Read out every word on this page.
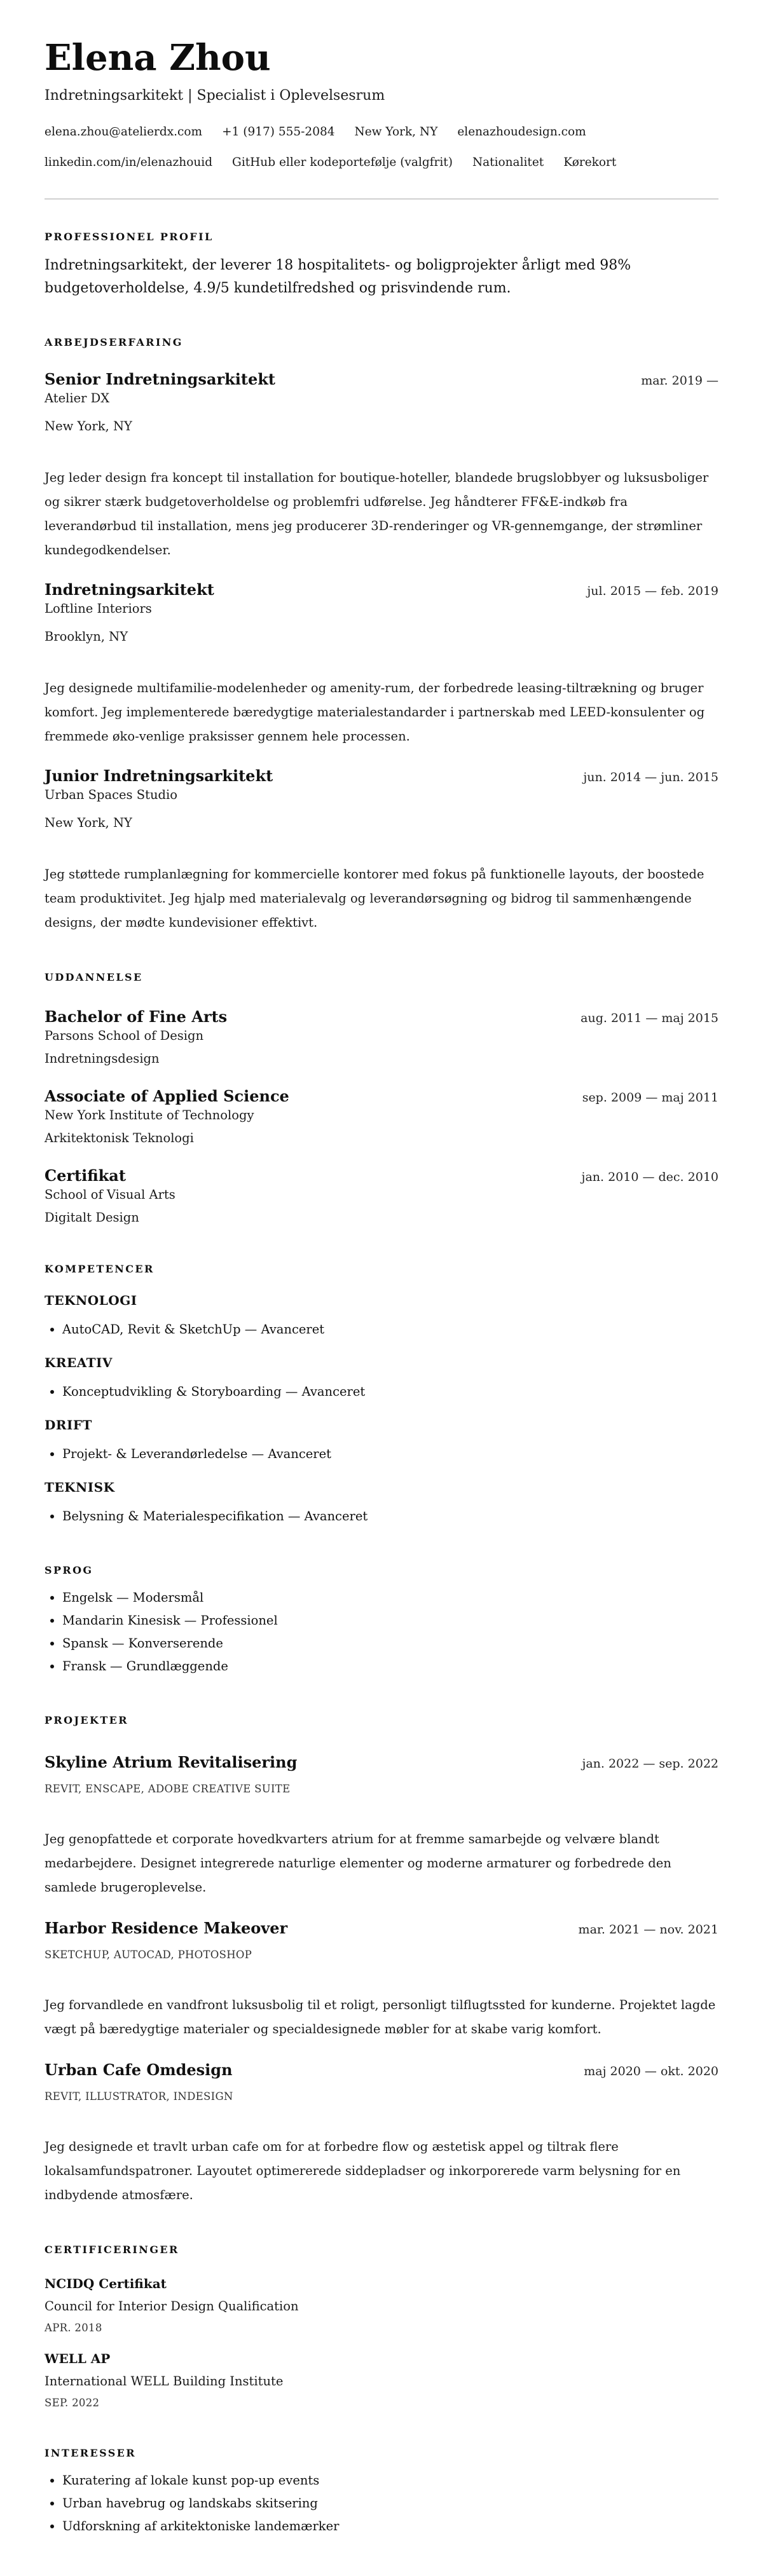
Elena Zhou
Indretningsarkitekt | Specialist i Oplevelsesrum
elena.zhou@atelierdx.com +1 (917) 555-2084 New York, NY elenazhoudesign.com
linkedin.com/in/elenazhouid GitHub eller kodeportefølje (valgfrit) Nationalitet Kørekort
PROFESSIONEL PROFIL
Indretningsarkitekt, der leverer 18 hospitalitets- og boligprojekter årligt med 98% budgetoverholdelse, 4.9/5 kundetilfredshed og prisvindende rum.
ARBEJDSERFARING
Senior Indretningsarkitekt	mar. 2019 —
Atelier DX
New York, NY
Jeg leder design fra koncept til installation for boutique-hoteller, blandede brugslobbyer og luksusboliger og sikrer stærk budgetoverholdelse og problemfri udførelse. Jeg håndterer FF&E-indkøb fra leverandørbud til installation, mens jeg producerer 3D-renderinger og VR-gennemgange, der strømliner kundegodkendelser.
Indretningsarkitekt	jul. 2015 — feb. 2019
Loftline Interiors
Brooklyn, NY
Jeg designede multifamilie-modelenheder og amenity-rum, der forbedrede leasing-tiltrækning og bruger komfort. Jeg implementerede bæredygtige materialestandarder i partnerskab med LEED-konsulenter og fremmede øko-venlige praksisser gennem hele processen.
Junior Indretningsarkitekt	jun. 2014 — jun. 2015
Urban Spaces Studio
New York, NY
Jeg støttede rumplanlægning for kommercielle kontorer med fokus på funktionelle layouts, der boostede team produktivitet. Jeg hjalp med materialevalg og leverandørsøgning og bidrog til sammenhængende designs, der mødte kundevisioner effektivt.
UDDANNELSE
Bachelor of Fine Arts	aug. 2011 — maj 2015
Parsons School of Design
Indretningsdesign
Associate of Applied Science	sep. 2009 — maj 2011
New York Institute of Technology
Arkitektonisk Teknologi
Certifikat	jan. 2010 — dec. 2010
School of Visual Arts
Digitalt Design
KOMPETENCER
TEKNOLOGI
• AutoCAD, Revit & SketchUp — Avanceret
KREATIV
• Konceptudvikling & Storyboarding — Avanceret
DRIFT
• Projekt- & Leverandørledelse — Avanceret
TEKNISK
• Belysning & Materialespecifikation — Avanceret
SPROG
• Engelsk — Modersmål
• Mandarin Kinesisk — Professionel
• Spansk — Konverserende
• Fransk — Grundlæggende
PROJEKTER
Skyline Atrium Revitalisering	jan. 2022 — sep. 2022
REVIT, ENSCAPE, ADOBE CREATIVE SUITE
Jeg genopfattede et corporate hovedkvarters atrium for at fremme samarbejde og velvære blandt medarbejdere. Designet integrerede naturlige elementer og moderne armaturer og forbedrede den samlede brugeroplevelse.
Harbor Residence Makeover	mar. 2021 — nov. 2021
SKETCHUP, AUTOCAD, PHOTOSHOP
Jeg forvandlede en vandfront luksusbolig til et roligt, personligt tilflugtssted for kunderne. Projektet lagde vægt på bæredygtige materialer og specialdesignede møbler for at skabe varig komfort.
Urban Cafe Omdesign	maj 2020 — okt. 2020
REVIT, ILLUSTRATOR, INDESIGN
Jeg designede et travlt urban cafe om for at forbedre flow og æstetisk appel og tiltrak flere lokalsamfundspatroner. Layoutet optimererede siddepladser og inkorporerede varm belysning for en indbydende atmosfære.
CERTIFICERINGER
NCIDQ Certifikat
Council for Interior Design Qualification
APR. 2018
WELL AP
International WELL Building Institute
SEP. 2022
INTERESSER
• Kuratering af lokale kunst pop-up events
• Urban havebrug og landskabs skitsering
• Udforskning af arkitektoniske landemærker
